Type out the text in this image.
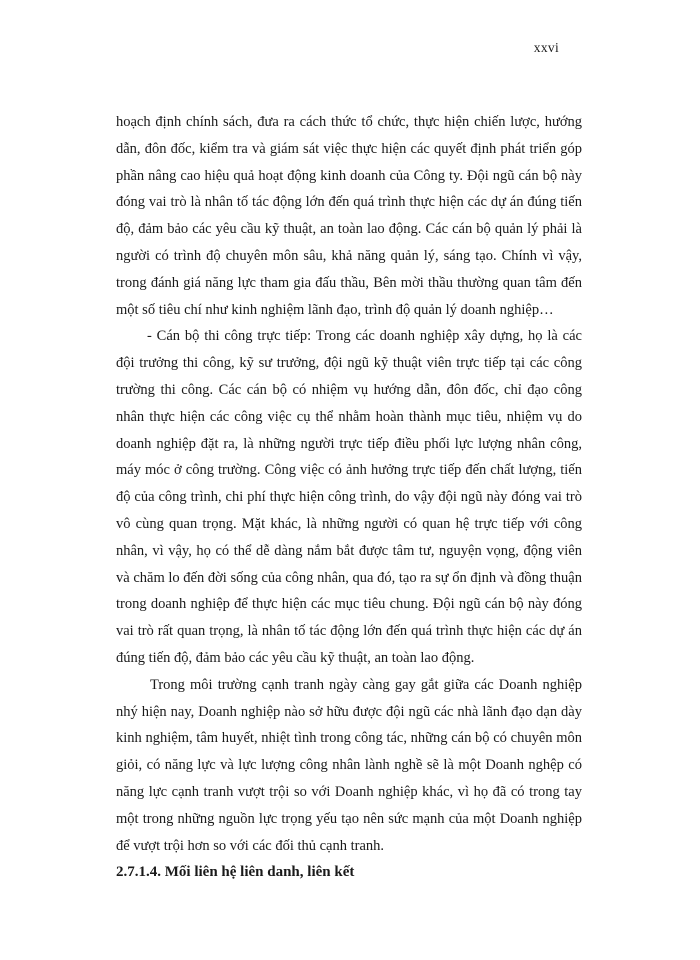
xxvi

hoạch định chính sách, đưa ra cách thức tổ chức, thực hiện chiến lược, hướng dẫn, đôn đốc, kiểm tra và giám sát việc thực hiện các quyết định phát triển góp phần nâng cao hiệu quả hoạt động kinh doanh của Công ty. Đội ngũ cán bộ này đóng vai trò là nhân tố tác động lớn đến quá trình thực hiện các dự án đúng tiến độ, đảm bảo các yêu cầu kỹ thuật, an toàn lao động. Các cán bộ quản lý phải là người có trình độ chuyên môn sâu, khả năng quản lý, sáng tạo. Chính vì vậy, trong đánh giá năng lực tham gia đấu thầu, Bên mời thầu thường quan tâm đến một số tiêu chí như kinh nghiệm lãnh đạo, trình độ quản lý doanh nghiệp…

- Cán bộ thi công trực tiếp: Trong các doanh nghiệp xây dựng, họ là các đội trưởng thi công, kỹ sư trưởng, đội ngũ kỹ thuật viên trực tiếp tại các công trường thi công. Các cán bộ có nhiệm vụ hướng dẫn, đôn đốc, chỉ đạo công nhân thực hiện các công việc cụ thể nhằm hoàn thành mục tiêu, nhiệm vụ do doanh nghiệp đặt ra, là những người trực tiếp điều phối lực lượng nhân công, máy móc ở công trường. Công việc có ảnh hưởng trực tiếp đến chất lượng, tiến độ của công trình, chi phí thực hiện công trình, do vậy đội ngũ này đóng vai trò vô cùng quan trọng. Mặt khác, là những người có quan hệ trực tiếp với công nhân, vì vậy, họ có thể dễ dàng nắm bắt được tâm tư, nguyện vọng, động viên và chăm lo đến đời sống của công nhân, qua đó, tạo ra sự ổn định và đồng thuận trong doanh nghiệp để thực hiện các mục tiêu chung. Đội ngũ cán bộ này đóng vai trò rất quan trọng, là nhân tố tác động lớn đến quá trình thực hiện các dự án đúng tiến độ, đảm bảo các yêu cầu kỹ thuật, an toàn lao động.

Trong môi trường cạnh tranh ngày càng gay gắt giữa các Doanh nghiệp nhý hiện nay, Doanh nghiệp nào sở hữu được đội ngũ các nhà lãnh đạo dạn dày kinh nghiệm, tâm huyết, nhiệt tình trong công tác, những cán bộ có chuyên môn giỏi, có năng lực và lực lượng công nhân lành nghề sẽ là một Doanh nghệp có năng lực cạnh tranh vượt trội so với Doanh nghiệp khác, vì họ đã có trong tay một trong những nguồn lực trọng yếu tạo nên sức mạnh của một Doanh nghiệp để vượt trội hơn so với các đối thủ cạnh tranh.

2.7.1.4. Mối liên hệ liên danh, liên kết
